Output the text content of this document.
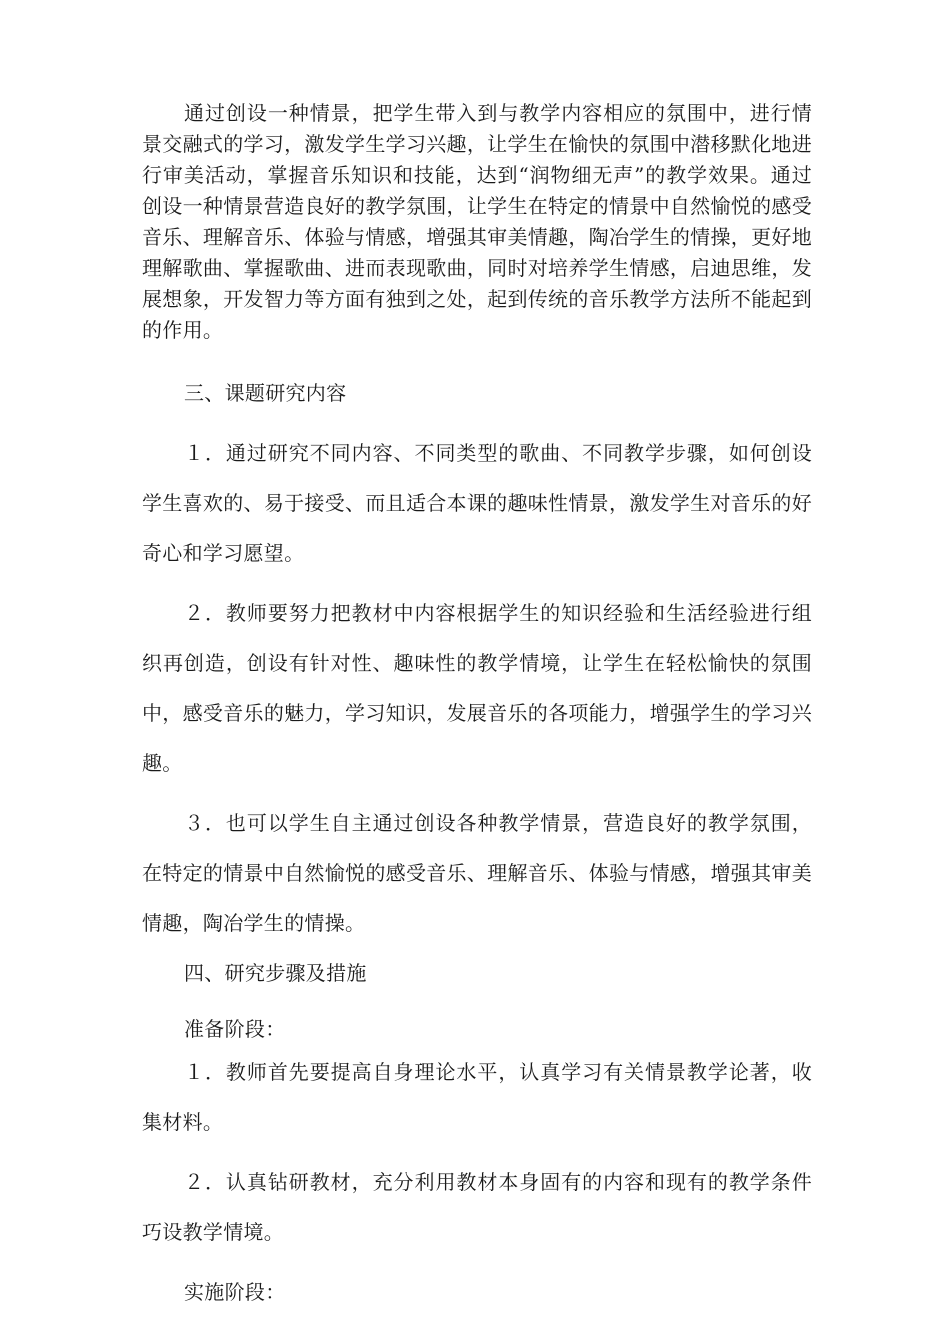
通过创设一种情景，把学生带入到与教学内容相应的氛围中，进行情景交融式的学习，激发学生学习兴趣，让学生在愉快的氛围中潜移默化地进行审美活动，掌握音乐知识和技能，达到“润物细无声”的教学效果。通过创设一种情景营造良好的教学氛围，让学生在特定的情景中自然愉悦的感受音乐、理解音乐、体验与情感，增强其审美情趣，陶冶学生的情操，更好地理解歌曲、掌握歌曲、进而表现歌曲，同时对培养学生情感，启迪思维，发展想象，开发智力等方面有独到之处，起到传统的音乐教学方法所不能起到的作用。

三、课题研究内容

１．通过研究不同内容、不同类型的歌曲、不同教学步骤，如何创设学生喜欢的、易于接受、而且适合本课的趣味性情景，激发学生对音乐的好奇心和学习愿望。

２．教师要努力把教材中内容根据学生的知识经验和生活经验进行组织再创造，创设有针对性、趣味性的教学情境，让学生在轻松愉快的氛围中，感受音乐的魅力，学习知识，发展音乐的各项能力，增强学生的学习兴趣。

３．也可以学生自主通过创设各种教学情景，营造良好的教学氛围，在特定的情景中自然愉悦的感受音乐、理解音乐、体验与情感，增强其审美情趣，陶冶学生的情操。

四、研究步骤及措施

准备阶段：

１．教师首先要提高自身理论水平，认真学习有关情景教学论著，收集材料。

２．认真钻研教材，充分利用教材本身固有的内容和现有的教学条件巧设教学情境。

实施阶段：
